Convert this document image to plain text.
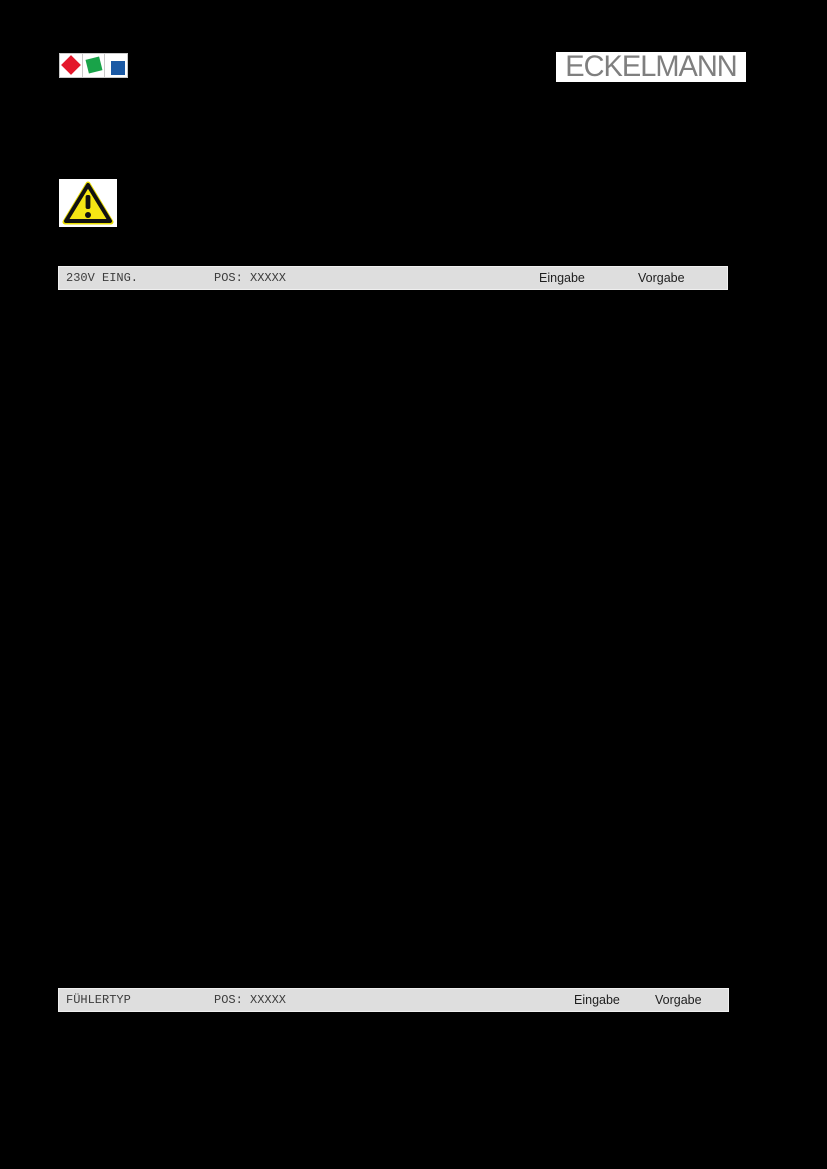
ECKELMANN
230V EING.	POS: XXXXX	Eingabe	Vorgabe
FÜHLERTYP	POS: XXXXX	Eingabe	Vorgabe
